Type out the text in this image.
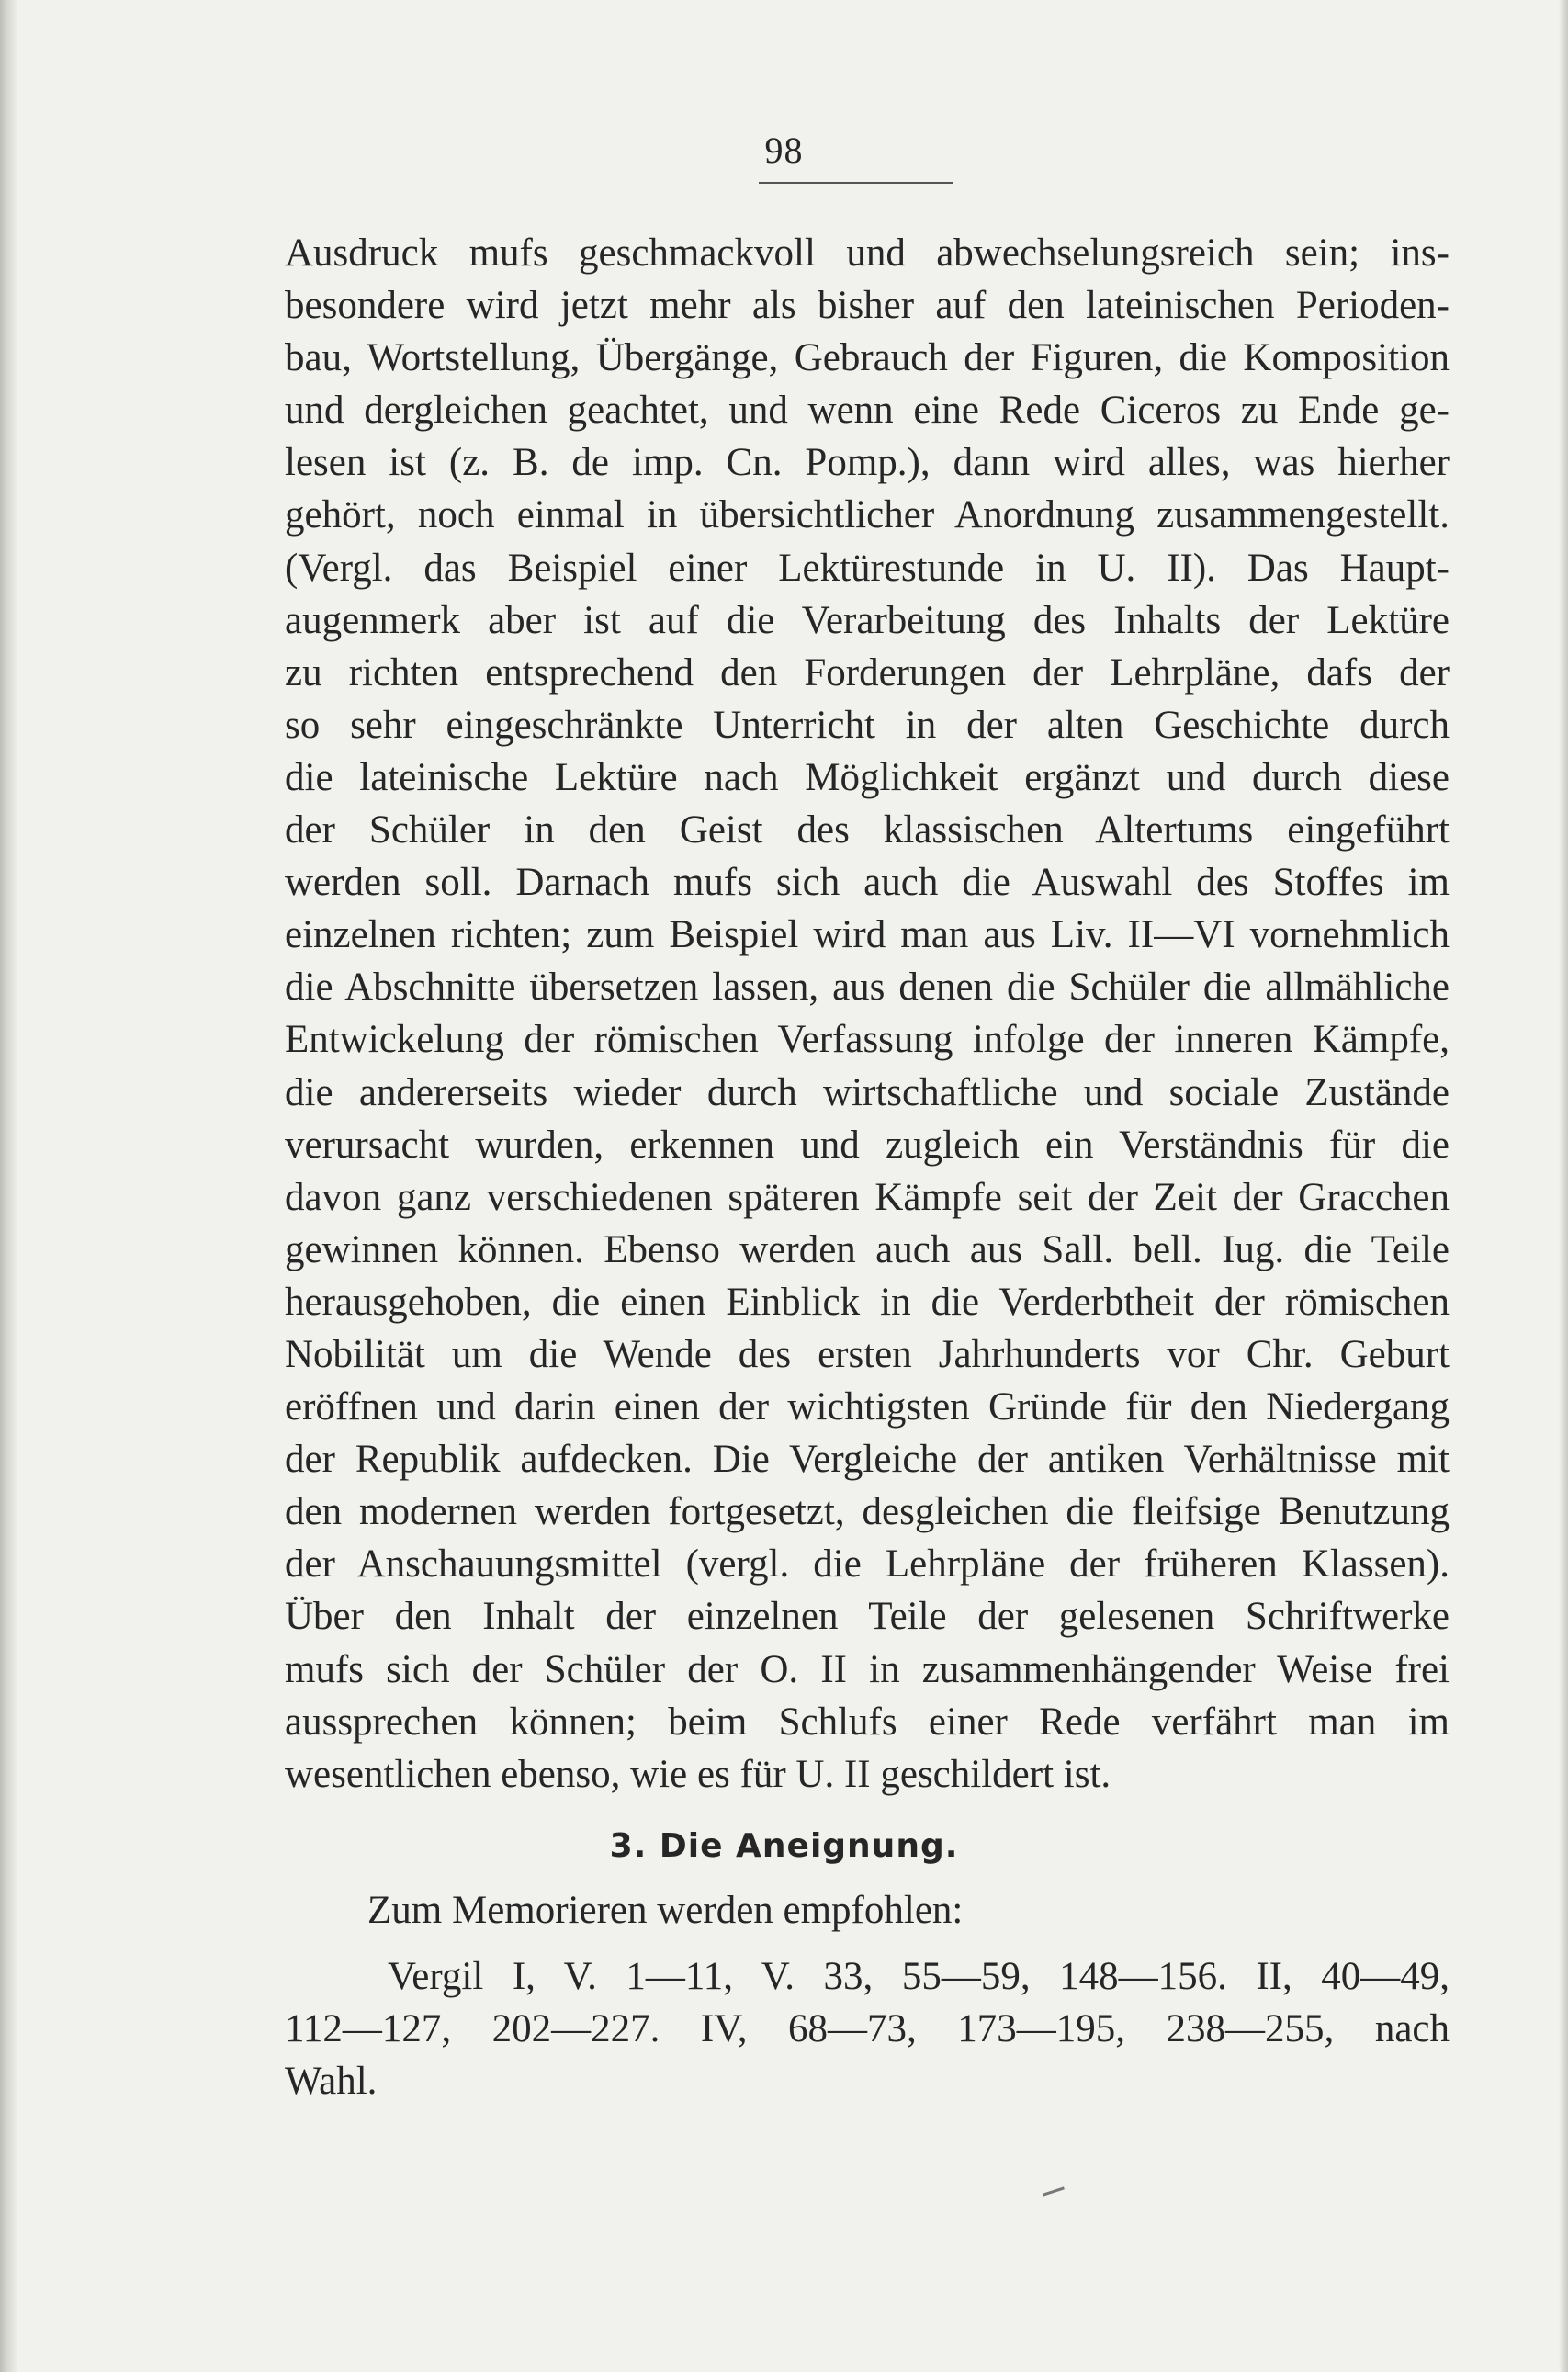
98
Ausdruck mufs geschmackvoll und abwechselungsreich sein; ins-
besondere wird jetzt mehr als bisher auf den lateinischen Perioden-
bau, Wortstellung, Übergänge, Gebrauch der Figuren, die Komposition
und dergleichen geachtet, und wenn eine Rede Ciceros zu Ende ge-
lesen ist (z. B. de imp. Cn. Pomp.), dann wird alles, was hierher
gehört, noch einmal in übersichtlicher Anordnung zusammengestellt.
(Vergl. das Beispiel einer Lektürestunde in U. II). Das Haupt-
augenmerk aber ist auf die Verarbeitung des Inhalts der Lektüre
zu richten entsprechend den Forderungen der Lehrpläne, dafs der
so sehr eingeschränkte Unterricht in der alten Geschichte durch
die lateinische Lektüre nach Möglichkeit ergänzt und durch diese
der Schüler in den Geist des klassischen Altertums eingeführt
werden soll. Darnach mufs sich auch die Auswahl des Stoffes im
einzelnen richten; zum Beispiel wird man aus Liv. II—VI vornehmlich
die Abschnitte übersetzen lassen, aus denen die Schüler die allmähliche
Entwickelung der römischen Verfassung infolge der inneren Kämpfe,
die andererseits wieder durch wirtschaftliche und sociale Zustände
verursacht wurden, erkennen und zugleich ein Verständnis für die
davon ganz verschiedenen späteren Kämpfe seit der Zeit der Gracchen
gewinnen können. Ebenso werden auch aus Sall. bell. Iug. die Teile
herausgehoben, die einen Einblick in die Verderbtheit der römischen
Nobilität um die Wende des ersten Jahrhunderts vor Chr. Geburt
eröffnen und darin einen der wichtigsten Gründe für den Niedergang
der Republik aufdecken. Die Vergleiche der antiken Verhältnisse mit
den modernen werden fortgesetzt, desgleichen die fleifsige Benutzung
der Anschauungsmittel (vergl. die Lehrpläne der früheren Klassen).
Über den Inhalt der einzelnen Teile der gelesenen Schriftwerke
mufs sich der Schüler der O. II in zusammenhängender Weise frei
aussprechen können; beim Schlufs einer Rede verfährt man im
wesentlichen ebenso, wie es für U. II geschildert ist.
3. Die Aneignung.
Zum Memorieren werden empfohlen:
Vergil I, V. 1—11, V. 33, 55—59, 148—156. II, 40—49,
112—127, 202—227. IV, 68—73, 173—195, 238—255, nach
Wahl.
